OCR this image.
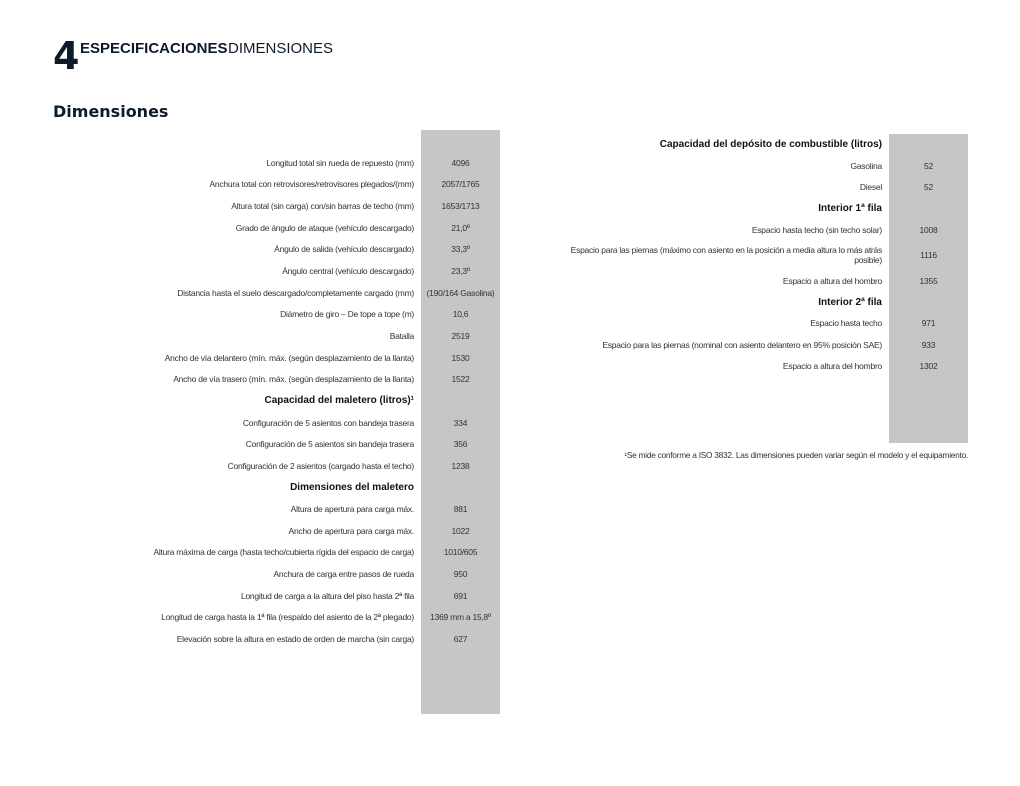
4 ESPECIFICACIONES DIMENSIONES
Dimensiones
Longitud total sin rueda de repuesto (mm)	4096
Anchura total con retrovisores/retrovisores plegados/(mm)	2057/1765
Altura total (sin carga) con/sin barras de techo (mm)	1653/1713
Grado de ángulo de ataque (vehículo descargado)	21,0º
Ángulo de salida (vehículo descargado)	33,3º
Ángulo central (vehículo descargado)	23,3º
Distancia hasta el suelo descargado/completamente cargado (mm)	(190/164 Gasolina)
Diámetro de giro – De tope a tope (m)	10,6
Batalla	2519
Ancho de vía delantero (mín. máx. (según desplazamiento de la llanta)	1530
Ancho de vía trasero (mín. máx. (según desplazamiento de la llanta)	1522
Capacidad del maletero (litros)¹
Configuración de 5 asientos con bandeja trasera	334
Configuración de 5 asientos sin bandeja trasera	356
Configuración de 2 asientos (cargado hasta el techo)	1238
Dimensiones del maletero
Altura de apertura para carga máx.	881
Ancho de apertura para carga máx.	1022
Altura máxima de carga (hasta techo/cubierta rígida del espacio de carga)	1010/605
Anchura de carga entre pasos de rueda	950
Longitud de carga a la altura del piso hasta 2ª fila	691
Longitud de carga hasta la 1ª fila (respaldo del asiento de la 2ª plegado)	1369 mm a 15,8º
Elevación sobre la altura en estado de orden de marcha (sin carga)	627
Capacidad del depósito de combustible (litros)
Gasolina	52
Diesel	52
Interior 1ª fila
Espacio hasta techo (sin techo solar)	1008
Espacio para las piernas (máximo con asiento en la posición a media altura lo más atrás posible)	1116
Espacio a altura del hombro	1355
Interior 2ª fila
Espacio hasta techo	971
Espacio para las piernas (nominal con asiento delantero en 95% posición SAE)	933
Espacio a altura del hombro	1302
¹Se mide conforme a ISO 3832. Las dimensiones pueden variar según el modelo y el equipamiento.
